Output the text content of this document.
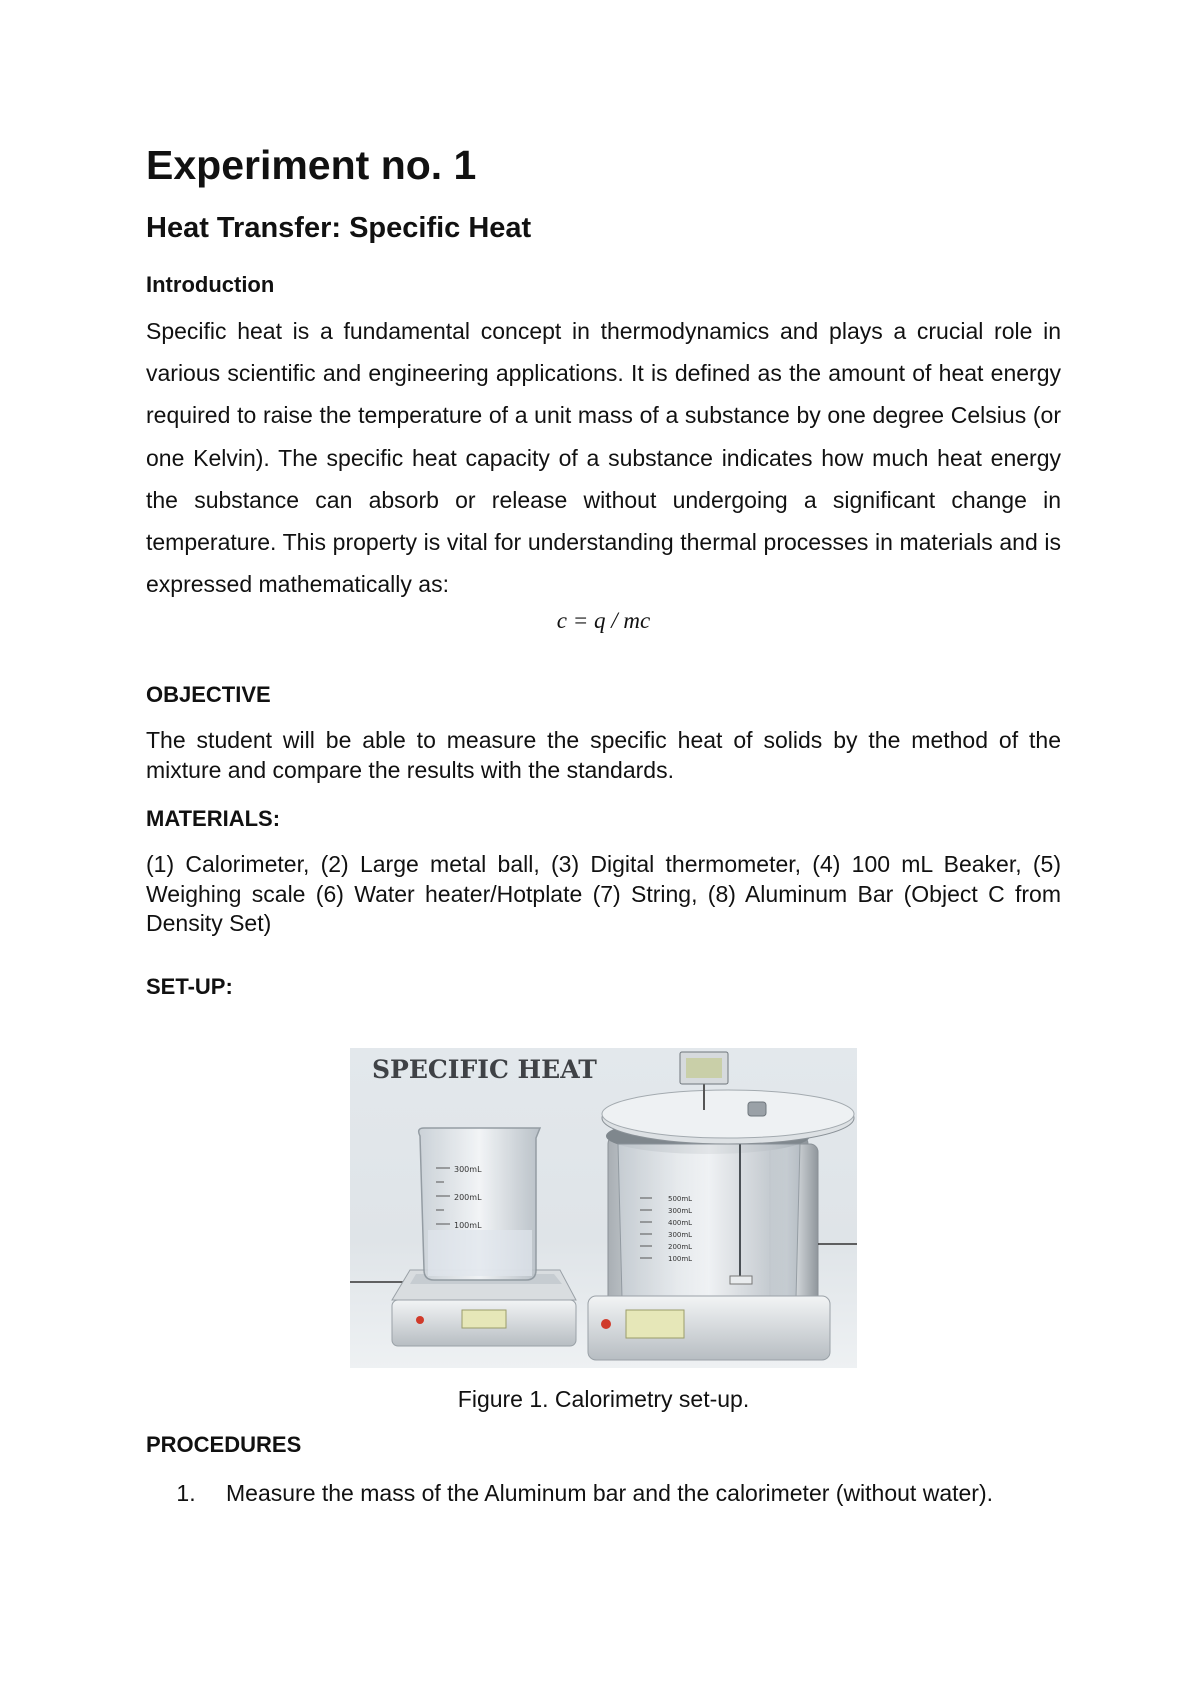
Experiment no. 1
Heat Transfer: Specific Heat
Introduction

Specific heat is a fundamental concept in thermodynamics and plays a crucial role in various scientific and engineering applications. It is defined as the amount of heat energy required to raise the temperature of a unit mass of a substance by one degree Celsius (or one Kelvin). The specific heat capacity of a substance indicates how much heat energy the substance can absorb or release without undergoing a significant change in temperature. This property is vital for understanding thermal processes in materials and is expressed mathematically as:

c = q / mc

OBJECTIVE

The student will be able to measure the specific heat of solids by the method of the mixture and compare the results with the standards.

MATERIALS:

(1) Calorimeter, (2) Large metal ball, (3) Digital thermometer, (4) 100 mL Beaker, (5) Weighing scale (6) Water heater/Hotplate (7) String, (8) Aluminum Bar (Object C from Density Set)

SET-UP:
SPECIFIC HEAT
300mL
200mL
100mL
500mL
300mL
400mL
300mL
200mL
100mL

Figure 1. Calorimetry set-up.

PROCEDURES
1.	Measure the mass of the Aluminum bar and the calorimeter (without water).
